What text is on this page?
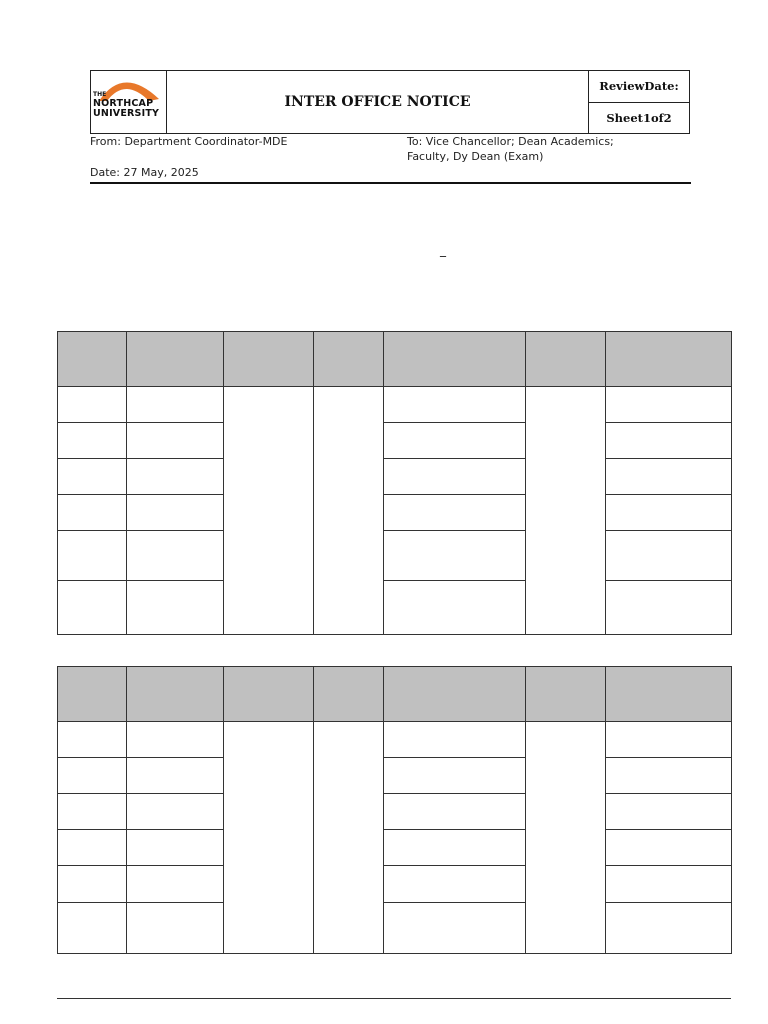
THE
NORTHCAP
UNIVERSITY
INTER OFFICE NOTICE
ReviewDate:
Sheet1of2
From: Department Coordinator-MDE	To: Vice Chancellor; Dean Academics;
Faculty, Dy Dean (Exam)
Date: 27 May, 2025
_
